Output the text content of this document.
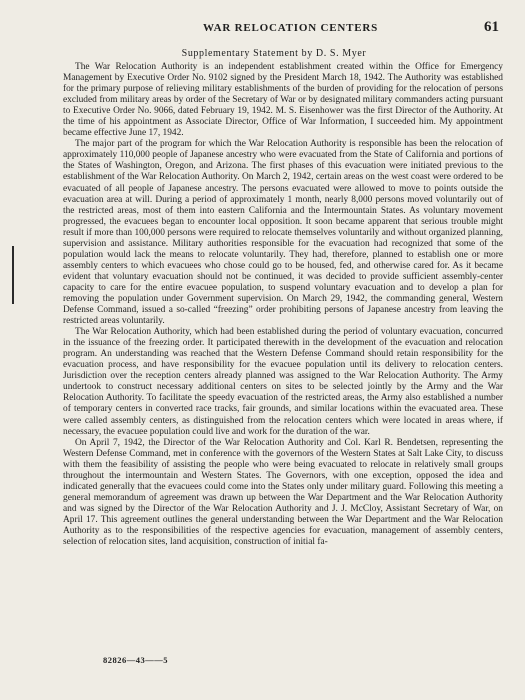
WAR RELOCATION CENTERS	61
Supplementary Statement by D. S. Myer

The War Relocation Authority is an independent establishment created within the Office for Emergency Management by Executive Order No. 9102 signed by the President March 18, 1942. The Authority was established for the primary purpose of relieving military establishments of the burden of providing for the relocation of persons excluded from military areas by order of the Secretary of War or by designated military commanders acting pursuant to Executive Order No. 9066, dated February 19, 1942. M. S. Eisenhower was the first Director of the Authority. At the time of his appointment as Associate Director, Office of War Information, I succeeded him. My appointment became effective June 17, 1942.

The major part of the program for which the War Relocation Authority is responsible has been the relocation of approximately 110,000 people of Japanese ancestry who were evacuated from the State of California and portions of the States of Washington, Oregon, and Arizona. The first phases of this evacuation were initiated previous to the establishment of the War Relocation Authority. On March 2, 1942, certain areas on the west coast were ordered to be evacuated of all people of Japanese ancestry. The persons evacuated were allowed to move to points outside the evacuation area at will. During a period of approximately 1 month, nearly 8,000 persons moved voluntarily out of the restricted areas, most of them into eastern California and the Intermountain States. As voluntary movement progressed, the evacuees began to encounter local opposition. It soon became apparent that serious trouble might result if more than 100,000 persons were required to relocate themselves voluntarily and without organized planning, supervision and assistance. Military authorities responsible for the evacuation had recognized that some of the population would lack the means to relocate voluntarily. They had, therefore, planned to establish one or more assembly centers to which evacuees who chose could go to be housed, fed, and otherwise cared for. As it became evident that voluntary evacuation should not be continued, it was decided to provide sufficient assembly-center capacity to care for the entire evacuee population, to suspend voluntary evacuation and to develop a plan for removing the population under Government supervision. On March 29, 1942, the commanding general, Western Defense Command, issued a so-called “freezing” order prohibiting persons of Japanese ancestry from leaving the restricted areas voluntarily.

The War Relocation Authority, which had been established during the period of voluntary evacuation, concurred in the issuance of the freezing order. It participated therewith in the development of the evacuation and relocation program. An understanding was reached that the Western Defense Command should retain responsibility for the evacuation process, and have responsibility for the evacuee population until its delivery to relocation centers. Jurisdiction over the reception centers already planned was assigned to the War Relocation Authority. The Army undertook to construct necessary additional centers on sites to be selected jointly by the Army and the War Relocation Authority. To facilitate the speedy evacuation of the restricted areas, the Army also established a number of temporary centers in converted race tracks, fair grounds, and similar locations within the evacuated area. These were called assembly centers, as distinguished from the relocation centers which were located in areas where, if necessary, the evacuee population could live and work for the duration of the war.

On April 7, 1942, the Director of the War Relocation Authority and Col. Karl R. Bendetsen, representing the Western Defense Command, met in conference with the governors of the Western States at Salt Lake City, to discuss with them the feasibility of assisting the people who were being evacuated to relocate in relatively small groups throughout the intermountain and Western States. The Governors, with one exception, opposed the idea and indicated generally that the evacuees could come into the States only under military guard. Following this meeting a general memorandum of agreement was drawn up between the War Department and the War Relocation Authority and was signed by the Director of the War Relocation Authority and J. J. McCloy, Assistant Secretary of War, on April 17. This agreement outlines the general understanding between the War Department and the War Relocation Authority as to the responsibilities of the respective agencies for evacuation, management of assembly centers, selection of relocation sites, land acquisition, construction of initial fa-

82826—43——5
